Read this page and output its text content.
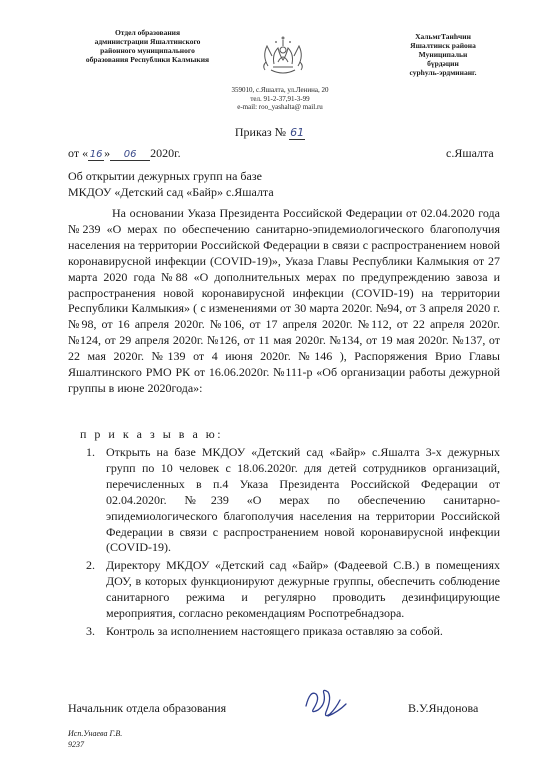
Отдел образования
администрации Яшалтинского
районного муниципального
образования Республики Калмыкия
ХальмгТанһчин
Яшалтинск района
Муниципальн
бүрдәцин
сурһуль-эрдминанг.
359010, с.Яшалта, ул.Ленина, 20
тел. 91-2-37,91-3-99
e-mail: roo_yashalta@ mail.ru
Приказ № 61
от « 16 » 06 2020г.	с.Яшалта
Об открытии дежурных групп на базе
МКДОУ «Детский сад «Байр» с.Яшалта

На основании Указа Президента Российской Федерации от 02.04.2020 года №239 «О мерах по обеспечению санитарно-эпидемиологического благополучия населения на территории Российской Федерации в связи с распространением новой коронавирусной инфекции (COVID-19)», Указа Главы Республики Калмыкия от 27 марта 2020 года №88 «О дополнительных мерах по предупреждению завоза и распространения новой коронавирусной инфекции (COVID-19) на территории Республики Калмыкия» ( с изменениями от 30 марта 2020г. №94, от 3 апреля 2020 г. №98, от 16 апреля 2020г. №106, от 17 апреля 2020г. №112, от 22 апреля 2020г. №124, от 29 апреля 2020г. №126, от 11 мая 2020г. №134, от 19 мая 2020г. №137, от 22 мая 2020г. №139 от 4 июня 2020г. №146 ), Распоряжения Врио Главы Яшалтинского РМО РК от 16.06.2020г. №111-р «Об организации работы дежурной группы в июне 2020года»:

п р и к а з ы в а ю:
1. Открыть на базе МКДОУ «Детский сад «Байр» с.Яшалта 3-х дежурных групп по 10 человек с 18.06.2020г. для детей сотрудников организаций, перечисленных в п.4 Указа Президента Российской Федерации от 02.04.2020г. №239 «О мерах по обеспечению санитарно-эпидемиологического благополучия населения на территории Российской Федерации в связи с распространением новой коронавирусной инфекции (COVID-19).
2. Директору МКДОУ «Детский сад «Байр» (Фадеевой С.В.) в помещениях ДОУ, в которых функционируют дежурные группы, обеспечить соблюдение санитарного режима и регулярно проводить дезинфицирующие мероприятия, согласно рекомендациям Роспотребнадзора.
3. Контроль за исполнением настоящего приказа оставляю за собой.
Начальник отдела образования	В.У.Яндонова
Исп.Унаева Г.В.
9237
